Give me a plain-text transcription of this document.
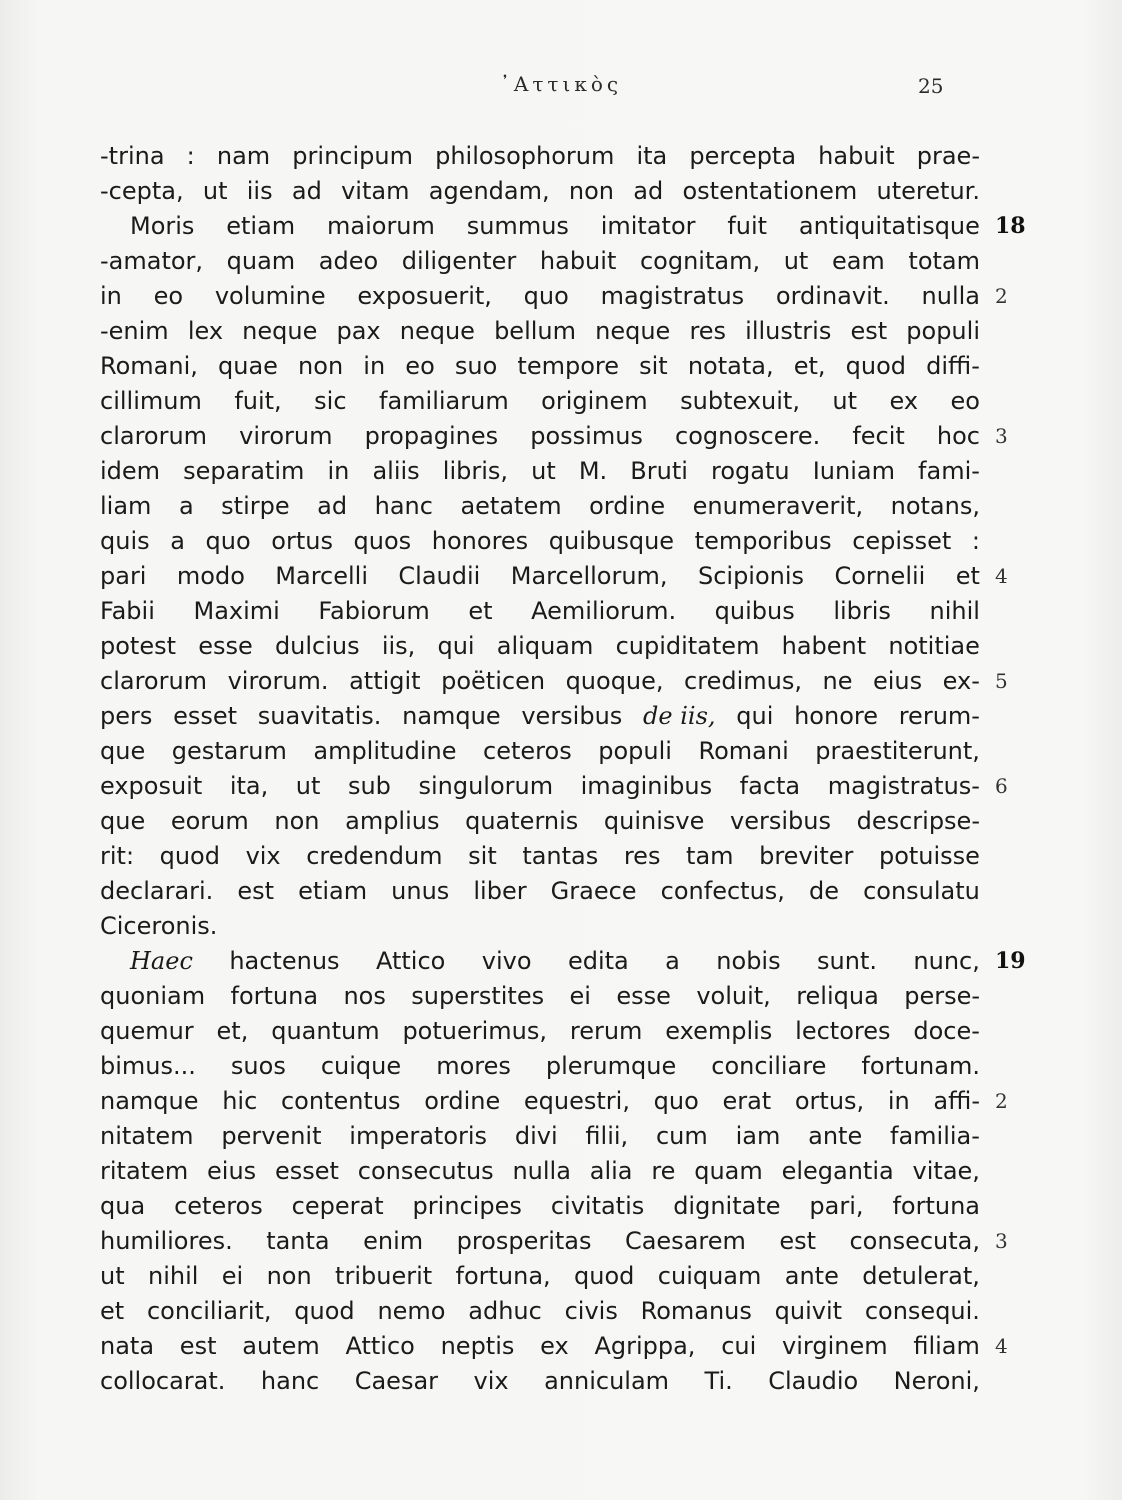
᾿Αττικὸς	25
-trina : nam principum philosophorum ita percepta habuit prae-
-cepta, ut iis ad vitam agendam, non ad ostentationem uteretur.
Moris etiam maiorum summus imitator fuit antiquitatisque 18
-amator, quam adeo diligenter habuit cognitam, ut eam totam
in eo volumine exposuerit, quo magistratus ordinavit. nulla 2
-enim lex neque pax neque bellum neque res illustris est populi
Romani, quae non in eo suo tempore sit notata, et, quod diffi-
cillimum fuit, sic familiarum originem subtexuit, ut ex eo
clarorum virorum propagines possimus cognoscere. fecit hoc 3
idem separatim in aliis libris, ut M. Bruti rogatu Iuniam fami-
liam a stirpe ad hanc aetatem ordine enumeraverit, notans,
quis a quo ortus quos honores quibusque temporibus cepisset :
pari modo Marcelli Claudii Marcellorum, Scipionis Cornelii et 4
Fabii Maximi Fabiorum et Aemiliorum. quibus libris nihil
potest esse dulcius iis, qui aliquam cupiditatem habent notitiae
clarorum virorum. attigit poëticen quoque, credimus, ne eius ex- 5
pers esset suavitatis. namque versibus de iis, qui honore rerum-
que gestarum amplitudine ceteros populi Romani praestiterunt,
exposuit ita, ut sub singulorum imaginibus facta magistratus- 6
que eorum non amplius quaternis quinisve versibus descripse-
rit: quod vix credendum sit tantas res tam breviter potuisse
declarari. est etiam unus liber Graece confectus, de consulatu
Ciceronis.
Haec hactenus Attico vivo edita a nobis sunt. nunc, 19
quoniam fortuna nos superstites ei esse voluit, reliqua perse-
quemur et, quantum potuerimus, rerum exemplis lectores doce-
bimus... suos cuique mores plerumque conciliare fortunam.
namque hic contentus ordine equestri, quo erat ortus, in affi- 2
nitatem pervenit imperatoris divi filii, cum iam ante familia-
ritatem eius esset consecutus nulla alia re quam elegantia vitae,
qua ceteros ceperat principes civitatis dignitate pari, fortuna
humiliores. tanta enim prosperitas Caesarem est consecuta, 3
ut nihil ei non tribuerit fortuna, quod cuiquam ante detulerat,
et conciliarit, quod nemo adhuc civis Romanus quivit consequi.
nata est autem Attico neptis ex Agrippa, cui virginem filiam 4
collocarat. hanc Caesar vix anniculam Ti. Claudio Neroni,
